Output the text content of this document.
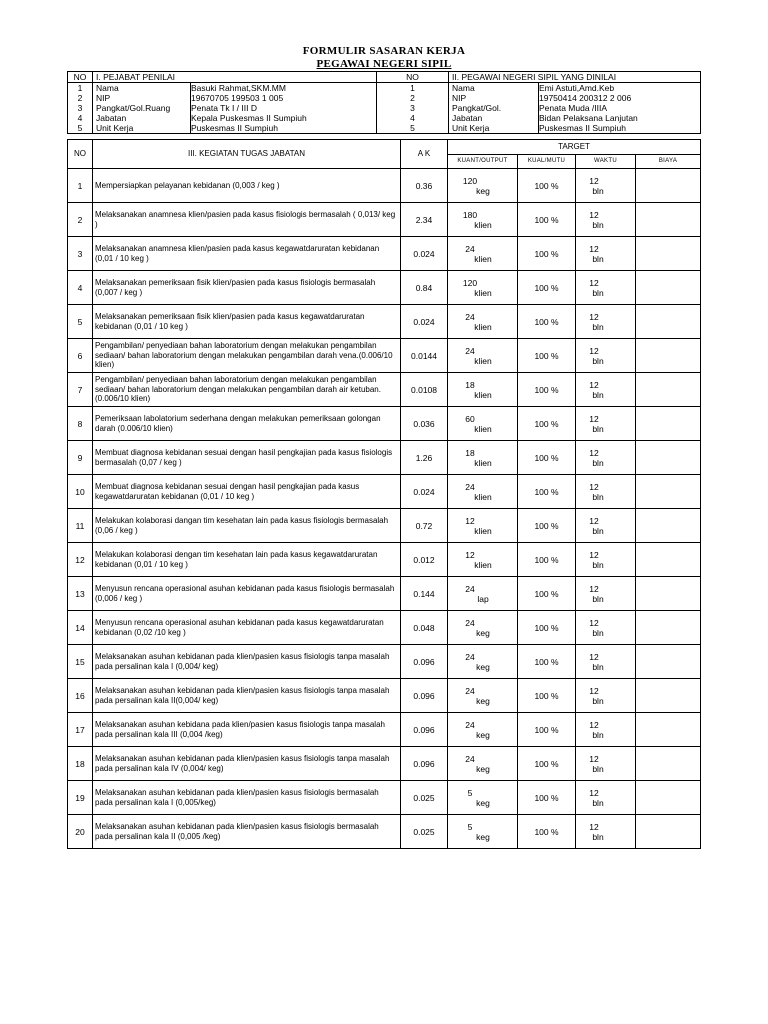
FORMULIR SASARAN KERJA
PEGAWAI NEGERI SIPIL
NO	I. PEJABAT PENILAI		NO	II. PEGAWAI NEGERI SIPIL YANG DINILAI	
1	Nama	Basuki Rahmat,SKM.MM	1	Nama	Emi Astuti,Amd.Keb
2	NIP	19670705 199503 1 005	2	NIP	19750414 200312 2 006
3	Pangkat/Gol.Ruang	Penata Tk I / III D	3	Pangkat/Gol.	Penata Muda /IIIA
4	Jabatan	Kepala Puskesmas II Sumpiuh	4	Jabatan	Bidan Pelaksana Lanjutan
5	Unit Kerja	Puskesmas II Sumpiuh	5	Unit Kerja	Puskesmas II Sumpiuh
NO	III. KEGIATAN TUGAS JABATAN	A K	TARGET			
			KUANT/OUTPUT	KUAL/MUTU	WAKTU	BIAYA
1	Mempersiapkan pelayanan kebidanan (0,003 / keg )	0.36	120keg	100 %	12bln	
2	Melaksanakan anamnesa klien/pasien pada kasus fisiologis bermasalah ( 0,013/ keg )	2.34	180klien	100 %	12bln	
3	Melaksanakan anamnesa klien/pasien pada kasus kegawatdaruratan kebidanan (0,01 / 10 keg )	0.024	24klien	100 %	12bln	
4	Melaksanakan pemeriksaan fisik klien/pasien pada kasus fisiologis bermasalah (0,007 / keg )	0.84	120klien	100 %	12bln	
5	Melaksanakan pemeriksaan fisik klien/pasien pada kasus kegawatdaruratan kebidanan (0,01 / 10 keg )	0.024	24klien	100 %	12bln	
6	Pengambilan/ penyediaan bahan laboratorium dengan melakukan pengambilan sediaan/ bahan laboratorium dengan melakukan pengambilan darah vena.(0.006/10 klien)	0.0144	24klien	100 %	12bln	
7	Pengambilan/ penyediaan bahan laboratorium dengan melakukan pengambilan sediaan/ bahan laboratorium dengan melakukan pengambilan darah air ketuban.(0.006/10 klien)	0.0108	18klien	100 %	12bln	
8	Pemeriksaan labolatorium sederhana dengan melakukan pemeriksaan golongan darah (0.006/10 klien)	0.036	60klien	100 %	12bln	
9	Membuat diagnosa kebidanan sesuai dengan hasil pengkajian pada kasus fisiologis bermasalah (0,07 / keg )	1.26	18klien	100 %	12bln	
10	Membuat diagnosa kebidanan sesuai dengan hasil pengkajian pada kasus kegawatdaruratan kebidanan (0,01 / 10 keg )	0.024	24klien	100 %	12bln	
11	Melakukan kolaborasi dangan tim kesehatan lain pada kasus fisiologis bermasalah (0,06 / keg )	0.72	12klien	100 %	12bln	
12	Melakukan kolaborasi dengan tim kesehatan lain pada kasus kegawatdaruratan kebidanan (0,01 / 10 keg )	0.012	12klien	100 %	12bln	
13	Menyusun rencana operasional asuhan kebidanan pada kasus fisiologis bermasalah (0,006 / keg )	0.144	24lap	100 %	12bln	
14	Menyusun rencana operasional asuhan kebidanan pada kasus kegawatdaruratan kebidanan (0,02 /10 keg )	0.048	24keg	100 %	12bln	
15	Melaksanakan asuhan kebidanan pada klien/pasien kasus fisiologis tanpa masalah pada persalinan kala I (0,004/ keg)	0.096	24keg	100 %	12bln	
16	Melaksanakan asuhan kebidanan pada klien/pasien kasus fisiologis tanpa masalah pada persalinan kala II(0,004/ keg)	0.096	24keg	100 %	12bln	
17	Melaksanakan asuhan kebidana pada klien/pasien kasus fisiologis tanpa masalah pada persalinan kala III (0,004 /keg)	0.096	24keg	100 %	12bln	
18	Melaksanakan asuhan kebidanan pada klien/pasien kasus fisiologis tanpa masalah pada persalinan kala IV (0,004/ keg)	0.096	24keg	100 %	12bln	
19	Melaksanakan asuhan kebidanan pada klien/pasien kasus fisiologis bermasalah pada persalinan kala I (0,005/keg)	0.025	5keg	100 %	12bln	
20	Melaksanakan asuhan kebidanan pada klien/pasien kasus fisiologis bermasalah pada persalinan kala II (0,005 /keg)	0.025	5keg	100 %	12bln	
